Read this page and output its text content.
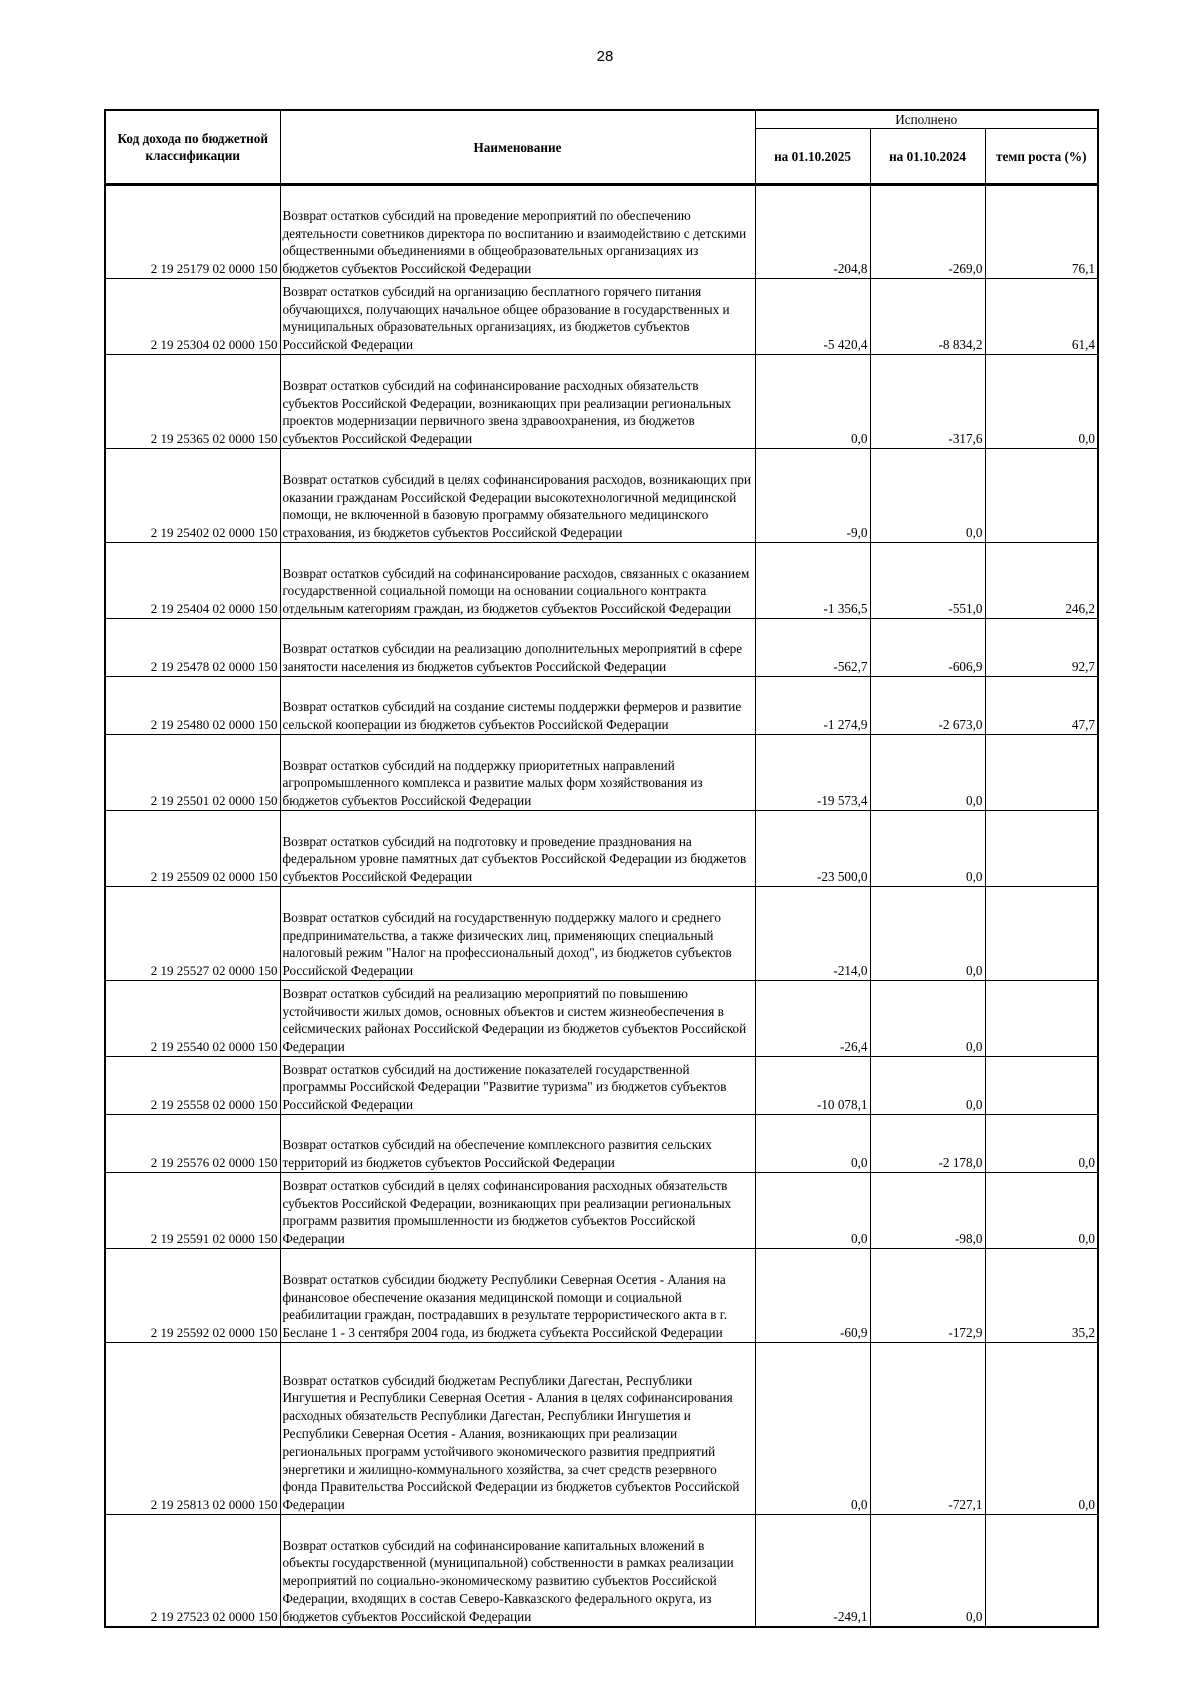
28
Код дохода по бюджетной классификации	Наименование	Исполнено		
		на 01.10.2025	на 01.10.2024	темп роста (%)
2 19 25179 02 0000 150	Возврат остатков субсидий на проведение мероприятий по обеспечению деятельности советников директора по воспитанию и взаимодействию с детскими общественными объединениями в общеобразовательных организациях из бюджетов субъектов Российской Федерации	-204,8	-269,0	76,1
2 19 25304 02 0000 150	Возврат остатков субсидий на организацию бесплатного горячего питания обучающихся, получающих начальное общее образование в государственных и муниципальных образовательных организациях, из бюджетов субъектов Российской Федерации	-5 420,4	-8 834,2	61,4
2 19 25365 02 0000 150	Возврат остатков субсидий на софинансирование расходных обязательств субъектов Российской Федерации, возникающих при реализации региональных проектов модернизации первичного звена здравоохранения, из бюджетов субъектов Российской Федерации	0,0	-317,6	0,0
2 19 25402 02 0000 150	Возврат остатков субсидий в целях софинансирования расходов, возникающих при оказании гражданам Российской Федерации высокотехнологичной медицинской помощи, не включенной в базовую программу обязательного медицинского страхования, из бюджетов субъектов Российской Федерации	-9,0	0,0	
2 19 25404 02 0000 150	Возврат остатков субсидий на софинансирование расходов, связанных с оказанием государственной социальной помощи на основании социального контракта отдельным категориям граждан, из бюджетов субъектов Российской Федерации	-1 356,5	-551,0	246,2
2 19 25478 02 0000 150	Возврат остатков субсидии на реализацию дополнительных мероприятий в сфере занятости населения из бюджетов субъектов Российской Федерации	-562,7	-606,9	92,7
2 19 25480 02 0000 150	Возврат остатков субсидий на создание системы поддержки фермеров и развитие сельской кооперации из бюджетов субъектов Российской Федерации	-1 274,9	-2 673,0	47,7
2 19 25501 02 0000 150	Возврат остатков субсидий на поддержку приоритетных направлений агропромышленного комплекса и развитие малых форм хозяйствования из бюджетов субъектов Российской Федерации	-19 573,4	0,0	
2 19 25509 02 0000 150	Возврат остатков субсидий на подготовку и проведение празднования на федеральном уровне памятных дат субъектов Российской Федерации из бюджетов субъектов Российской Федерации	-23 500,0	0,0	
2 19 25527 02 0000 150	Возврат остатков субсидий на государственную поддержку малого и среднего предпринимательства, а также физических лиц, применяющих специальный налоговый режим "Налог на профессиональный доход", из бюджетов субъектов Российской Федерации	-214,0	0,0	
2 19 25540 02 0000 150	Возврат остатков субсидий на реализацию мероприятий по повышению устойчивости жилых домов, основных объектов и систем жизнеобеспечения в сейсмических районах Российской Федерации из бюджетов субъектов Российской Федерации	-26,4	0,0	
2 19 25558 02 0000 150	Возврат остатков субсидий на достижение показателей государственной программы Российской Федерации "Развитие туризма" из бюджетов субъектов Российской Федерации	-10 078,1	0,0	
2 19 25576 02 0000 150	Возврат остатков субсидий на обеспечение комплексного развития сельских территорий из бюджетов субъектов Российской Федерации	0,0	-2 178,0	0,0
2 19 25591 02 0000 150	Возврат остатков субсидий в целях софинансирования расходных обязательств субъектов Российской Федерации, возникающих при реализации региональных программ развития промышленности из бюджетов субъектов Российской Федерации	0,0	-98,0	0,0
2 19 25592 02 0000 150	Возврат остатков субсидии бюджету Республики Северная Осетия - Алания на финансовое обеспечение оказания медицинской помощи и социальной реабилитации граждан, пострадавших в результате террористического акта в г. Беслане 1 - 3 сентября 2004 года, из бюджета субъекта Российской Федерации	-60,9	-172,9	35,2
2 19 25813 02 0000 150	Возврат остатков субсидий бюджетам Республики Дагестан, Республики Ингушетия и Республики Северная Осетия - Алания в целях софинансирования расходных обязательств Республики Дагестан, Республики Ингушетия и Республики Северная Осетия - Алания, возникающих при реализации региональных программ устойчивого экономического развития предприятий энергетики и жилищно-коммунального хозяйства, за счет средств резервного фонда Правительства Российской Федерации из бюджетов субъектов Российской Федерации	0,0	-727,1	0,0
2 19 27523 02 0000 150	Возврат остатков субсидий на софинансирование капитальных вложений в объекты государственной (муниципальной) собственности в рамках реализации мероприятий по социально-экономическому развитию субъектов Российской Федерации, входящих в состав Северо-Кавказского федерального округа, из бюджетов субъектов Российской Федерации	-249,1	0,0	
